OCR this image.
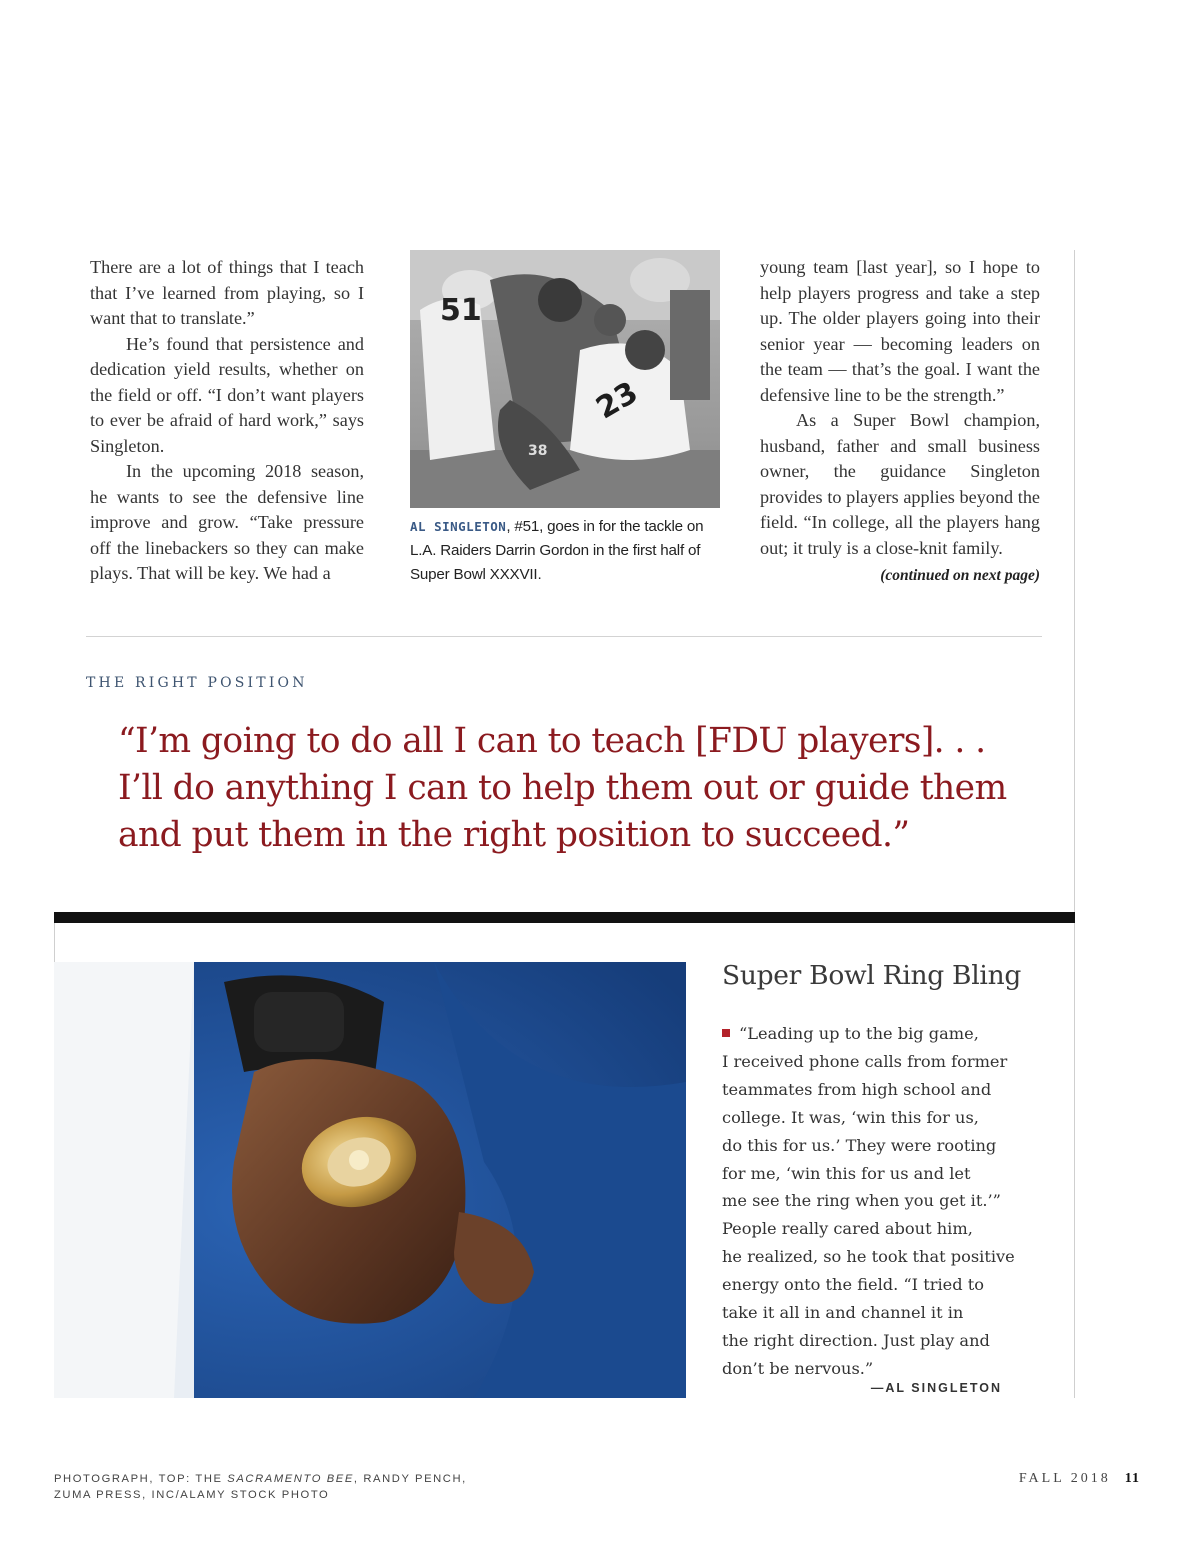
There are a lot of things that I teach that I’ve learned from playing, so I want that to translate.”

He’s found that persistence and dedication yield results, whether on the field or off. “I don’t want players to ever be afraid of hard work,” says Singleton.

In the upcoming 2018 season, he wants to see the defensive line improve and grow. “Take pressure off the linebackers so they can make plays. That will be key. We had a

51
23
38
AL SINGLETON, #51, goes in for the tackle on L.A. Raiders Darrin Gordon in the first half of Super Bowl XXXVII.

young team [last year], so I hope to help players progress and take a step up. The older players going into their senior year — becoming leaders on the team — that’s the goal. I want the defensive line to be the strength.”

As a Super Bowl champion, husband, father and small business owner, the guidance Singleton provides to players applies beyond the field. “In college, all the players hang out; it truly is a close-knit family.

(continued on next page)
THE RIGHT POSITION
“I’m going to do all I can to teach [FDU players]. . .
I’ll do anything I can to help them out or guide them
and put them in the right position to succeed.”
Super Bowl Ring Bling
“Leading up to the big game,
I received phone calls from former
teammates from high school and
college. It was, ‘win this for us,
do this for us.’ They were rooting
for me, ‘win this for us and let
me see the ring when you get it.’”
People really cared about him,
he realized, so he took that positive
energy onto the field. “I tried to
take it all in and channel it in
the right direction. Just play and
don’t be nervous.”
—AL SINGLETON
PHOTOGRAPH, TOP: THE SACRAMENTO BEE, RANDY PENCH,
ZUMA PRESS, INC/ALAMY STOCK PHOTO
FALL 2018 11
